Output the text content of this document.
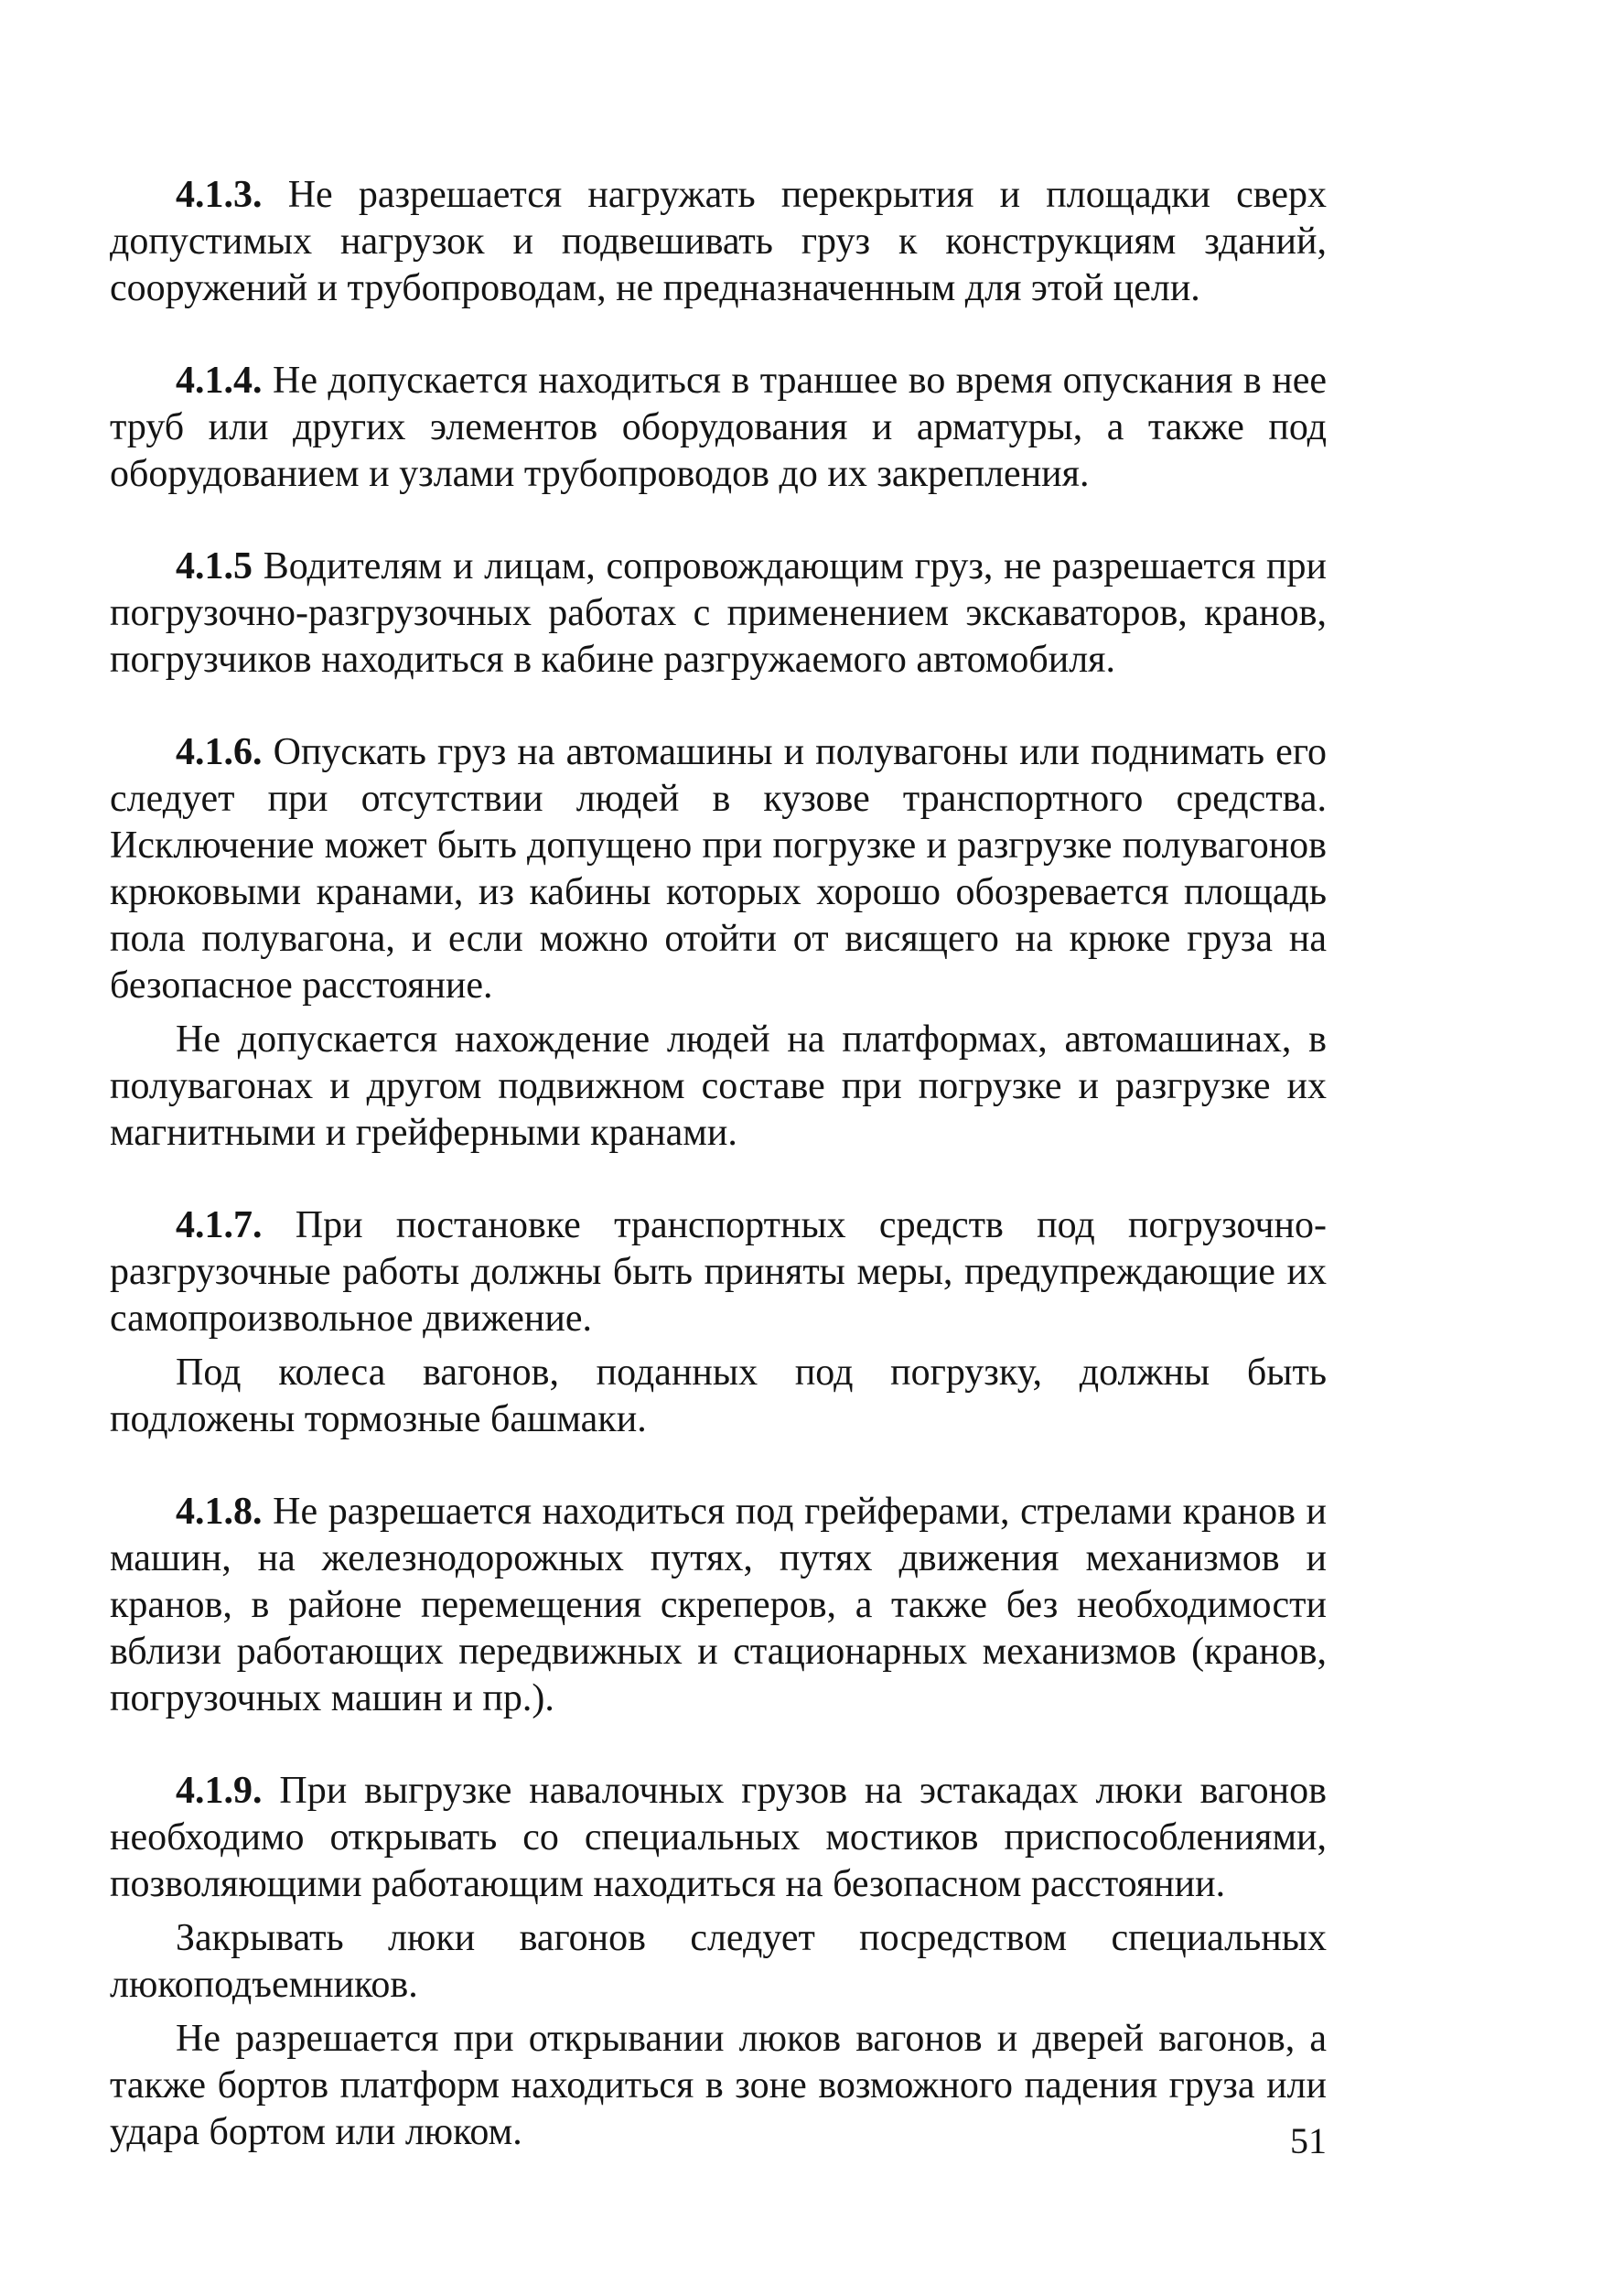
4.1.3. Не разрешается нагружать перекрытия и площадки сверх допустимых нагрузок и подвешивать груз к конструкциям зданий, сооружений и трубопроводам, не предназначенным для этой цели.

4.1.4. Не допускается находиться в траншее во время опускания в нее труб или других элементов оборудования и арматуры, а также под оборудованием и узлами трубопроводов до их закрепления.

4.1.5 Водителям и лицам, сопровождающим груз, не разрешается при погрузочно-разгрузочных работах с применением экскаваторов, кранов, погрузчиков находиться в кабине разгружаемого автомобиля.

4.1.6. Опускать груз на автомашины и полувагоны или поднимать его следует при отсутствии людей в кузове транспортного средства. Исключение может быть допущено при погрузке и разгрузке полувагонов крюковыми кранами, из кабины которых хорошо обозревается площадь пола полувагона, и если можно отойти от висящего на крюке груза на безопасное расстояние.

Не допускается нахождение людей на платформах, автомашинах, в полувагонах и другом подвижном составе при погрузке и разгрузке их магнитными и грейферными кранами.

4.1.7. При постановке транспортных средств под погрузочно-разгрузочные работы должны быть приняты меры, предупреждающие их самопроизвольное движение.

Под колеса вагонов, поданных под погрузку, должны быть подложены тормозные башмаки.

4.1.8. Не разрешается находиться под грейферами, стрелами кранов и машин, на железнодорожных путях, путях движения механизмов и кранов, в районе перемещения скреперов, а также без необходимости вблизи работающих передвижных и стационарных механизмов (кранов, погрузочных машин и пр.).

4.1.9. При выгрузке навалочных грузов на эстакадах люки вагонов необходимо открывать со специальных мостиков приспособлениями, позволяющими работающим находиться на безопасном расстоянии.

Закрывать люки вагонов следует посредством специальных люкоподъемников.

Не разрешается при открывании люков вагонов и дверей вагонов, а также бортов платформ находиться в зоне возможного падения груза или удара бортом или люком.	51
